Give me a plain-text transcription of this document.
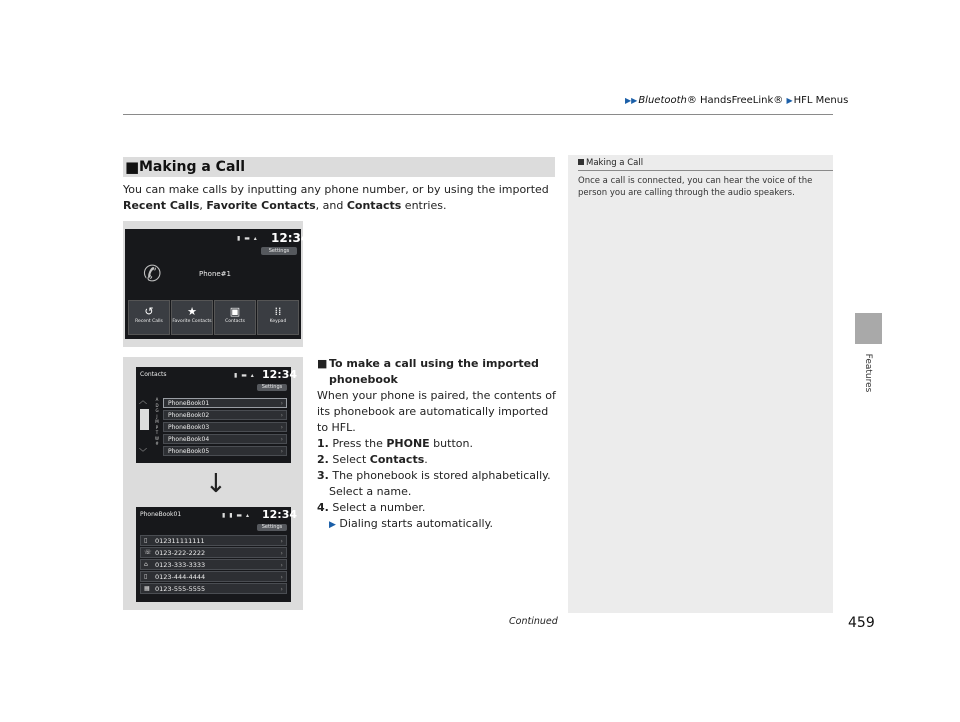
▶▶Bluetooth® HandsFreeLink® ▶HFL Menus
Features
■ Making a Call
You can make calls by inputting any phone number, or by using the imported
Recent Calls, Favorite Contacts, and Contacts entries.
▮ ▬ ▴ 12:34
Settings
✆	Phone#1
↺
Recent Calls
★
Favorite Contacts
▣
Contacts
⁞⁞
Keypad
Contacts	▮ ▬ ▴ 12:34
Settings
︿
﹀
A
D
G
J
M
P
T
W
#
PhoneBook01	›
PhoneBook02	›
PhoneBook03	›
PhoneBook04	›
PhoneBook05	›
↓
PhoneBook01	▮ ▮ ▬ ▴ 12:34
Settings
▯ 012311111111	›
☏ 0123-222-2222	›
⌂ 0123-333-3333	›
▯ 0123-444-4444	›
▦ 0123-555-5555	›
■ To make a call using the imported phonebook

When your phone is paired, the contents of its phonebook are automatically imported to HFL.

1. Press the PHONE button.

2. Select Contacts.

3. The phonebook is stored alphabetically.

Select a name.

4. Select a number.

▶ Dialing starts automatically.

Making a Call
Once a call is connected, you can hear the voice of the person you are calling through the audio speakers.
Continued	459
